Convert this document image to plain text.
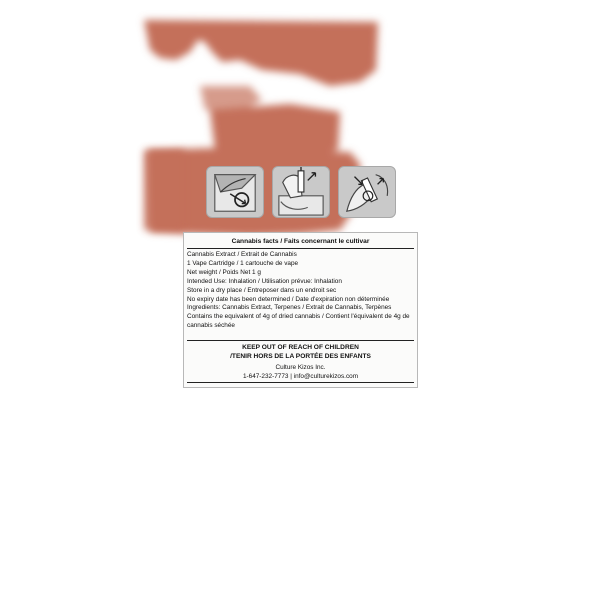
Cannabis facts / Faits concernant le cultivar
Cannabis Extract / Extrait de Cannabis
1 Vape Cartridge / 1 cartouche de vape
Net weight / Poids Net 1 g
Intended Use: Inhalation / Utilisation prévue: Inhalation
Store in a dry place / Entreposer dans un endroit sec
No expiry date has been determined / Date d'expiration non déterminée
Ingredients: Cannabis Extract, Terpenes / Extrait de Cannabis, Terpènes
Contains the equivalent of 4g of dried cannabis / Contient l'équivalent de 4g de cannabis séchée
KEEP OUT OF REACH OF CHILDREN
/TENIR HORS DE LA PORTÉE DES ENFANTS
Culture Kizos Inc.
1-647-232-7773 | info@culturekizos.com
